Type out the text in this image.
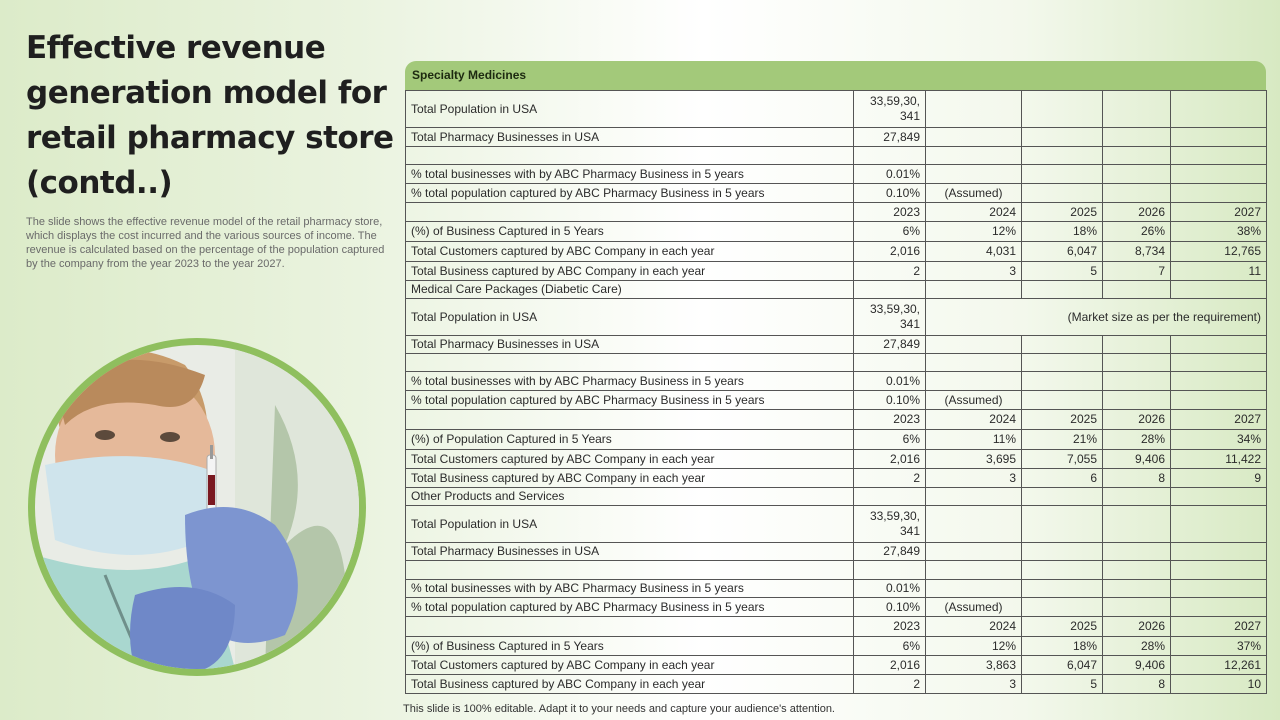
Effective revenue generation model for retail pharmacy store (contd..)
The slide shows the effective revenue model of the retail pharmacy store, which displays the cost incurred and the various sources of income. The revenue is calculated based on the percentage of the population captured by the company from the year 2023 to the year 2027.
Specialty Medicines
Total Population in USA	33,59,30,
341				
Total Pharmacy Businesses in USA	27,849				

% total businesses with by ABC Pharmacy Business in 5 years	0.01%				
% total population captured by ABC Pharmacy Business in 5 years	0.10%	(Assumed)			
	2023	2024	2025	2026	2027
(%) of Business Captured in 5 Years	6%	12%	18%	26%	38%
Total Customers captured by ABC Company in each year	2,016	4,031	6,047	8,734	12,765
Total Business captured by ABC Company in each year	2	3	5	7	11
Medical Care Packages (Diabetic Care)					
Total Population in USA	33,59,30,
341	(Market size as per the requirement)			
Total Pharmacy Businesses in USA	27,849				

% total businesses with by ABC Pharmacy Business in 5 years	0.01%				
% total population captured by ABC Pharmacy Business in 5 years	0.10%	(Assumed)			
	2023	2024	2025	2026	2027
(%) of Population Captured in 5 Years	6%	11%	21%	28%	34%
Total Customers captured by ABC Company in each year	2,016	3,695	7,055	9,406	11,422
Total Business captured by ABC Company in each year	2	3	6	8	9
Other Products and Services					
Total Population in USA	33,59,30,
341				
Total Pharmacy Businesses in USA	27,849				

% total businesses with by ABC Pharmacy Business in 5 years	0.01%				
% total population captured by ABC Pharmacy Business in 5 years	0.10%	(Assumed)			
	2023	2024	2025	2026	2027
(%) of Business Captured in 5 Years	6%	12%	18%	28%	37%
Total Customers captured by ABC Company in each year	2,016	3,863	6,047	9,406	12,261
Total Business captured by ABC Company in each year	2	3	5	8	10
This slide is 100% editable. Adapt it to your needs and capture your audience's attention.
